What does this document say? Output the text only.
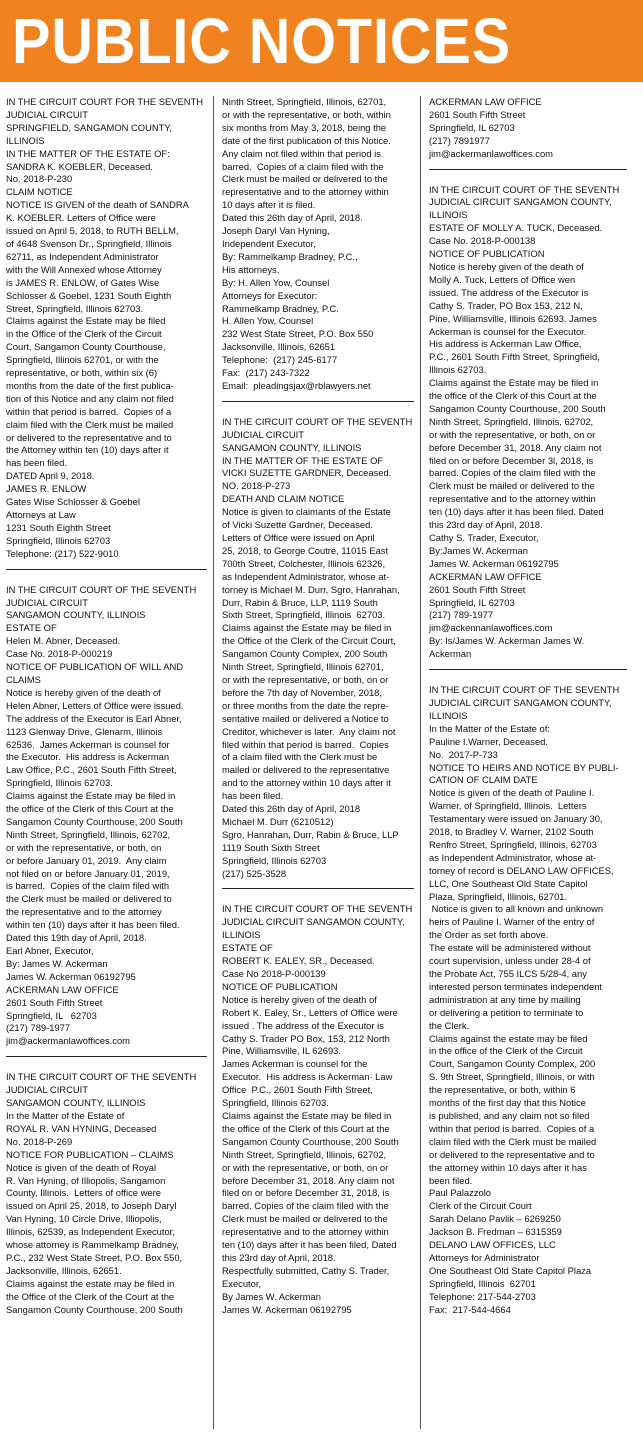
PUBLIC NOTICES
IN THE CIRCUIT COURT FOR THE SEVENTH
JUDICIAL CIRCUIT
SPRINGFIELD, SANGAMON COUNTY,
ILLINOIS
IN THE MATTER OF THE ESTATE OF:
SANDRA K. KOEBLER, Deceased.
No. 2018-P-230
CLAIM NOTICE
NOTICE IS GIVEN of the death of SANDRA
K. KOEBLER. Letters of Office were
issued on April 5, 2018, to RUTH BELLM,
of 4648 Svenson Dr., Springfield, Illinois
62711, as Independent Administrator
with the Will Annexed whose Attorney
is JAMES R. ENLOW, of Gates Wise
Schlosser & Goebel, 1231 South Eighth
Street, Springfield, Illinois 62703.
Claims against the Estate may be filed
in the Office of the Clerk of the Circuit
Court, Sangamon County Courthouse,
Springfield, Illinois 62701, or with the
representative, or both, within six (6)
months from the date of the first publica-
tion of this Notice and any claim not filed
within that period is barred.  Copies of a
claim filed with the Clerk must be mailed
or delivered to the representative and to
the Attorney within ten (10) days after it
has been filed.
DATED April 9, 2018.
JAMES R. ENLOW
Gates Wise Schlosser & Goebel
Attorneys at Law
1231 South Eighth Street
Springfield, Illinois 62703
Telephone: (217) 522-9010
IN THE CIRCUIT COURT OF THE SEVENTH
JUDICIAL CIRCUIT
SANGAMON COUNTY, ILLINOIS
ESTATE OF
Helen M. Abner, Deceased.
Case No. 2018-P-000219
NOTICE OF PUBLICATION OF WILL AND
CLAIMS
Notice is hereby given of the death of
Helen Abner, Letters of Office were issued.
The address of the Executor is Earl Abner,
1123 Glenway Drive, Glenarm, Illinois
62536.  James Ackerman is counsel for
the Executor.  His address is Ackerman
Law Office, P.C., 2601 South Fifth Street,
Springfield, Illinois 62703.
Claims against the Estate may be filed in
the office of the Clerk of this Court at the
Sangamon County Courthouse, 200 South
Ninth Street, Springfield, Illinois, 62702,
or with the representative, or both, on
or before January 01, 2019.  Any claim
not filed on or before January 01, 2019,
is barred.  Copies of the claim filed with
the Clerk must be mailed or delivered to
the representative and to the attorney
within ten (10) days after it has been filed.
Dated this 19th day of April, 2018.
Earl Abner, Executor,
By: James W. Ackerman
James W. Ackerman 06192795
ACKERMAN LAW OFFICE
2601 South Fifth Street
Springfield, IL   62703
(217) 789-1977
jim@ackermanlawoffices.com
IN THE CIRCUIT COURT OF THE SEVENTH
JUDICIAL CIRCUIT
SANGAMON COUNTY, ILLINOIS
In the Matter of the Estate of
ROYAL R. VAN HYNING, Deceased
No. 2018-P-269
NOTICE FOR PUBLICATION – CLAIMS
Notice is given of the death of Royal
R. Van Hyning, of Illiopolis, Sangamon
County, Illinois.  Letters of office were
issued on April 25, 2018, to Joseph Daryl
Van Hyning, 10 Circle Drive, Illiopolis,
Illinois, 62539, as Independent Executor,
whose attorney is Rammelkamp Bradney,
P.C., 232 West State Street, P.O. Box 550,
Jacksonville, Illinois, 62651.
Claims against the estate may be filed in
the Office of the Clerk of the Court at the
Sangamon County Courthouse, 200 South
Ninth Street, Springfield, Illinois, 62701,
or with the representative, or both, within
six months from May 3, 2018, being the
date of the first publication of this Notice.
Any claim not filed within that period is
barred.  Copies of a claim filed with the
Clerk must be mailed or delivered to the
representative and to the attorney within
10 days after it is filed.
Dated this 26th day of April, 2018.
Joseph Daryl Van Hyning,
Independent Executor,
By: Rammelkamp Bradney, P.C.,
His attorneys,
By: H. Allen Yow, Counsel
Attorneys for Executor:
Rammelkamp Bradney, P.C.
H. Allen Yow, Counsel
232 West State Street, P.O. Box 550
Jacksonville, Illinois, 62651
Telephone:  (217) 245-6177
Fax:  (217) 243-7322
Email:  pleadingsjax@rblawyers.net
IN THE CIRCUIT COURT OF THE SEVENTH
JUDICIAL CIRCUIT
SANGAMON COUNTY, ILLINOIS
IN THE MATTER OF THE ESTATE OF
VICKI SUZETTE GARDNER, Deceased.
NO. 2018-P-273
DEATH AND CLAIM NOTICE
Notice is given to claimants of the Estate
of Vicki Suzette Gardner, Deceased.
Letters of Office were issued on April
25, 2018, to George Coutré, 11015 East
700th Street, Colchester, Illinois 62326,
as Independent Administrator, whose at-
torney is Michael M. Durr, Sgro, Hanrahan,
Durr, Rabin & Bruce, LLP, 1119 South
Sixth Street, Springfield, Illinois  62703.
Claims against the Estate may be filed in
the Office of the Clerk of the Circuit Court,
Sangamon County Complex, 200 South
Ninth Street, Springfield, Illinois 62701,
or with the representative, or both, on or
before the 7th day of November, 2018,
or three months from the date the repre-
sentative mailed or delivered a Notice to
Creditor, whichever is later.  Any claim not
filed within that period is barred.  Copies
of a claim filed with the Clerk must be
mailed or delivered to the representative
and to the attorney within 10 days after it
has been filed.
Dated this 26th day of April, 2018
Michael M. Durr (6210512)
Sgro, Hanrahan, Durr, Rabin & Bruce, LLP
1119 South Sixth Street
Springfield, Illinois 62703
(217) 525-3528
IN THE CIRCUIT COURT OF THE SEVENTH
JUDICIAL CIRCUIT SANGAMON COUNTY,
ILLINOIS
ESTATE OF
ROBERT K. EALEY, SR., Deceased.
Case No 2018-P-000139
NOTICE OF PUBLICATION
Notice is hereby given of the death of
Robert K. Ealey, Sr., Letters of Office were
issued . The address of the Executor is
Cathy S. Trader PO Box, 153, 212 North
Pine, Williamsville, IL 62693.
James Ackerman is counsel for the
Executor.  His address is Ackerman· Law
Office  P.C., 2601 South Fifth Street,
Springfield, Illinois 62703.
Claims against the Estate may be filed in
the office of the Clerk of this Court at the
Sangamon County Courthouse, 200 South
Ninth Street, Springfield, Illinois, 62702,
or with the representative, or both, on or
before December 31, 2018. Any claim not
filed on or before December 31, 2018, is
barred. Copies of the claim filed with the
Clerk must be mailed or delivered to the
representative and to the attorney within
ten (10) days after it has been filed, Dated
this 23rd day of April, 2018.
Respectfully submitted, Cathy S. Trader,
Executor,
By James W. Ackerman
James W. Ackerman 06192795
ACKERMAN LAW OFFICE
2601 South Fifth Street
Springfield, IL 62703
(217) 7891977
jim@ackermanlawoffices.com
IN THE CIRCUIT COURT OF THE SEVENTH
JUDICIAL CIRCUIT SANGAMON COUNTY,
ILLINOIS
ESTATE OF MOLLY A. TUCK, Deceased.
Case No. 2018-P-000138
NOTICE OF PUBLICATION
Notice is hereby given of the death of
Molly A. Tuck, Letters of Office wen
issued. The address of the Executor is
Cathy S. Trader, PO Box 153, 212 N,
Pine, Williamsville, Illinois 62693. James
Ackerman is counsel for the Executor.
His address is Ackerman Law Office,
P.C., 2601 South Fifth Street, Springfield,
Illinois 62703.
Claims against the Estate may be filed in
the office of the Clerk of this Court at the
Sangamon County Courthouse, 200 South
Ninth Street, Springfield, Illinois, 62702,
or with the representative, or both, on or
before December 31, 2018. Any claim not
filed on or before December 3l, 2018, is
barred. Copies of the claim filed with the
Clerk must be mailed or delivered to the
representative and to the attorney within
ten (10) days after it has been filed. Dated
this 23rd day of April, 2018.
Cathy S. Trader, Executor,
By:James W. Ackerman
James W. Ackerman 06192795
ACKERMAN LAW OFFICE
2601 South Fifth Street
Springfield, IL 62703
(217) 789-1977
jim@ackennanlawoffices.com
By: Is/James W. Ackerman James W.
Ackerman
IN THE CIRCUIT COURT OF THE SEVENTH
JUDICIAL CIRCUIT SANGAMON COUNTY,
ILLINOIS
In the Matter of the Estate of:
Pauline I.Warner, Deceased.
No.  2017-P-733
NOTICE TO HEIRS AND NOTICE BY PUBLI-
CATION OF CLAIM DATE
Notice is given of the death of Pauline I.
Warner, of Springfield, Illinois.  Letters
Testamentary were issued on January 30,
2018, to Bradley V. Warner, 2102 South
Renfro Street, Springfield, Illinois, 62703
as Independent Administrator, whose at-
torney of record is DELANO LAW OFFICES,
LLC, One Southeast Old State Capitol
Plaza, Springfield, Illinois, 62701.
Notice is given to all known and unknown
heirs of Pauline I. Warner of the entry of
the Order as set forth above.
The estate will be administered without
court supervision, unless under 28-4 of
the Probate Act, 755 ILCS 5/28-4, any
interested person terminates independent
administration at any time by mailing
or delivering a petition to terminate to
the Clerk.
Claims against the estate may be filed
in the office of the Clerk of the Circuit
Court, Sangamon County Complex, 200
S. 9th Street, Springfield, Illinois, or with
the representative, or both, within 6
months of the first day that this Notice
is published, and any claim not so filed
within that period is barred.  Copies of a
claim filed with the Clerk must be mailed
or delivered to the representative and to
the attorney within 10 days after it has
been filed.
Paul Palazzolo
Clerk of the Circuit Court
Sarah Delano Pavlik – 6269250
Jackson B. Fredman – 6315359
DELANO LAW OFFICES, LLC
Attorneys for Administrator
One Southeast Old State Capitol Plaza
Springfield, Illinois  62701
Telephone: 217-544-2703
Fax:  217-544-4664
